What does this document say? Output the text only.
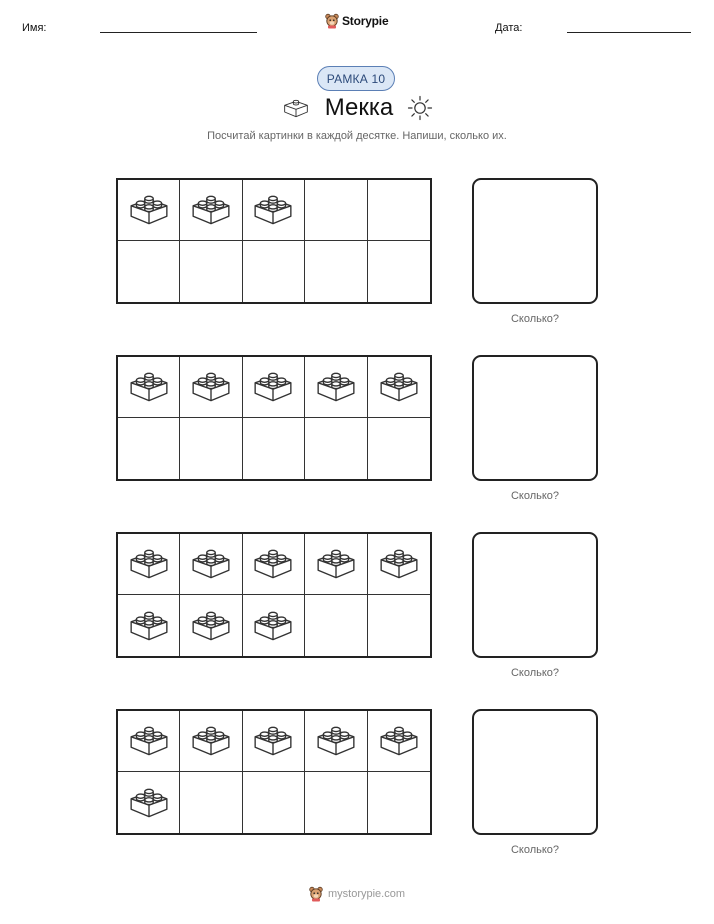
Имя:	Storypie	Дата:
РАМКА 10
Мекка
Посчитай картинки в каждой десятке. Напиши, сколько их.
Сколько?
Сколько?
Сколько?
Сколько?
mystorypie.com
